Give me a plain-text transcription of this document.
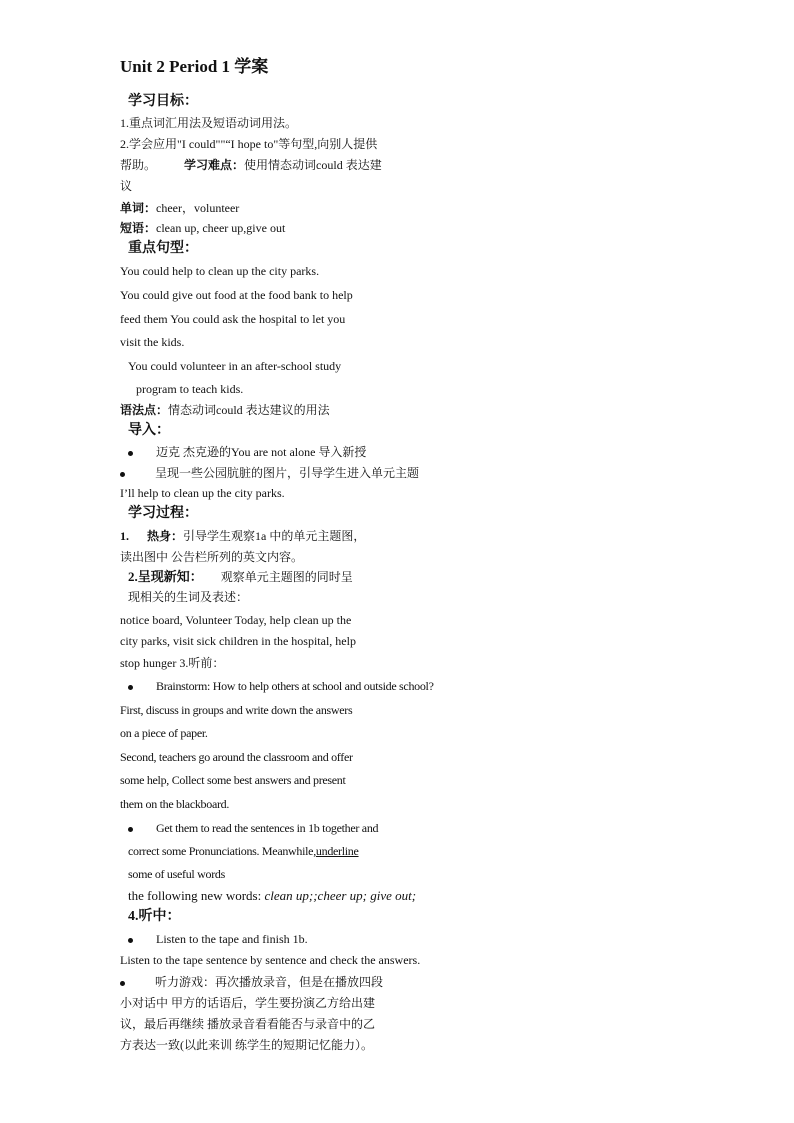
Unit 2 Period 1 学案
学习目标：
1.重点词汇用法及短语动词用法。
2.学会应用"I could""“I hope to"等句型,向别人提供
帮助。 学习难点：使用情态动词could 表达建
议
单词：cheer，volunteer
短语：clean up, cheer up,give out
重点句型：
You could help to clean up the city parks.
You could give out food at the food bank to help
feed them You could ask the hospital to let you
visit the kids.
You could volunteer in an after-school study
program to teach kids.
语法点：情态动词could 表达建议的用法
导入：
迈克 杰克逊的You are not alone 导入新授
呈现一些公园肮脏的图片，引导学生进入单元主题
I’ll help to clean up the city parks.
学习过程：
1. 热身：引导学生观察1a 中的单元主题图，
读出图中 公告栏所列的英文内容。
2.呈现新知： 观察单元主题图的同时呈
现相关的生词及表述：
notice board, Volunteer Today, help clean up the
city parks, visit sick children in the hospital, help
stop hunger 3.听前：
Brainstorm: How to help others at school and outside school?
First, discuss in groups and write down the answers
on a piece of paper.
Second, teachers go around the classroom and offer
some help, Collect some best answers and present
them on the blackboard.
Get them to read the sentences in 1b together and
correct some Pronunciations. Meanwhile,underline
some of useful words
the following new words: clean up;;cheer up; give out;
4.听中：
Listen to the tape and finish 1b.
Listen to the tape sentence by sentence and check the answers.
听力游戏：再次播放录音，但是在播放四段
小对话中 甲方的话语后，学生要扮演乙方给出建
议，最后再继续 播放录音看看能否与录音中的乙
方表达一致(以此来训 练学生的短期记忆能力）。
